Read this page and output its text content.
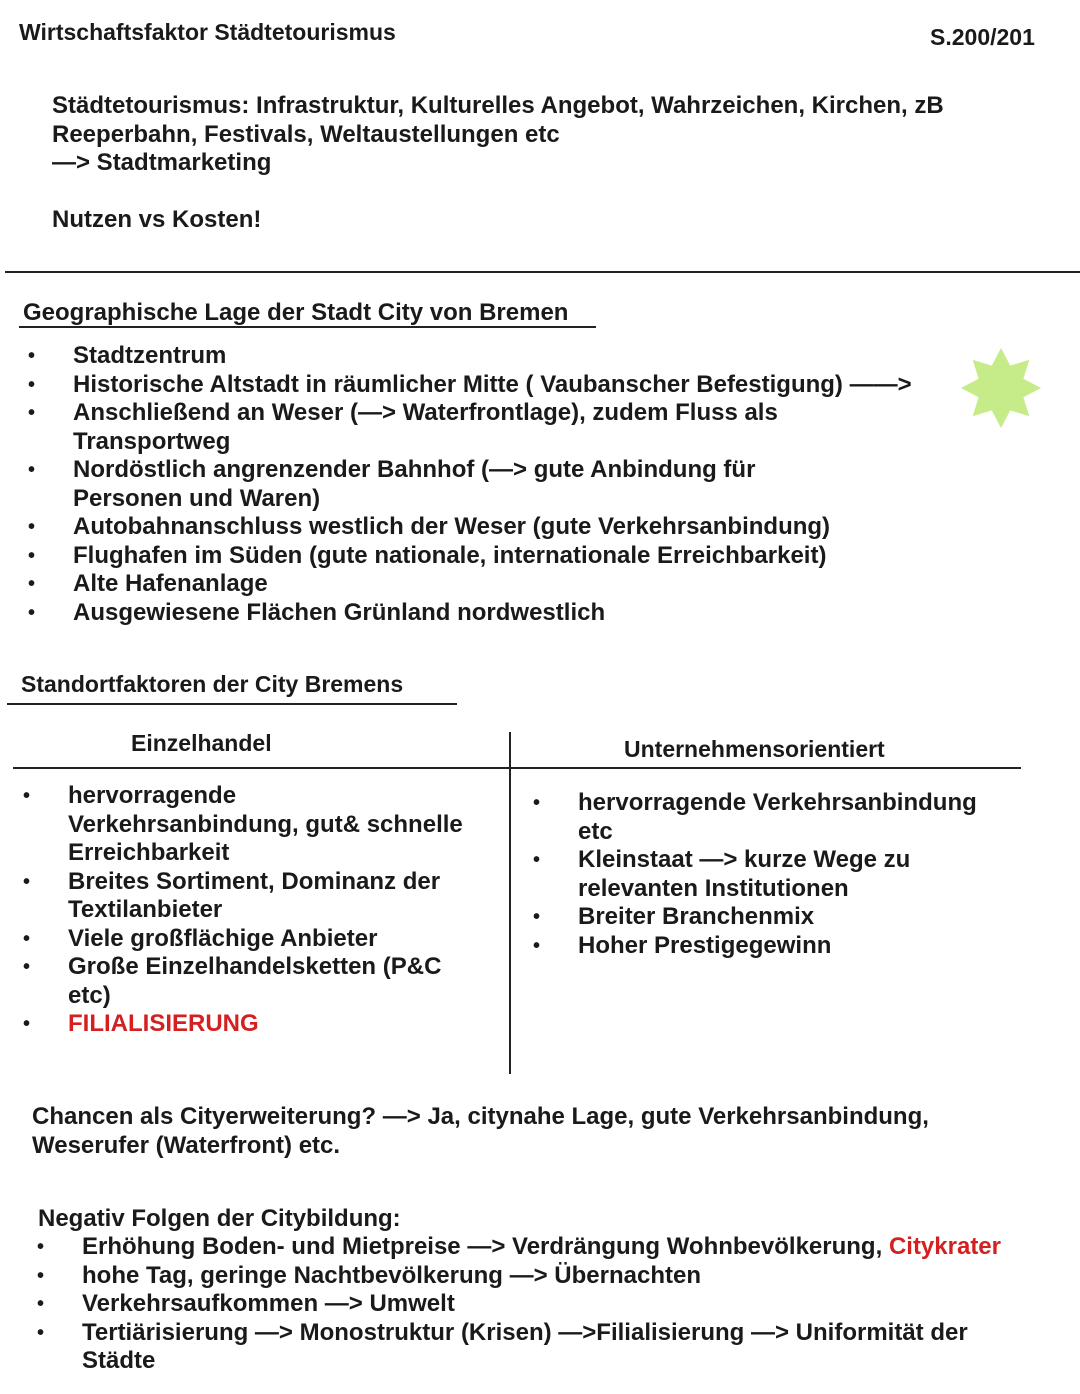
Wirtschaftsfaktor Städtetourismus	S.200/201
Städtetourismus: Infrastruktur, Kulturelles Angebot, Wahrzeichen, Kirchen, zB
Reeperbahn, Festivals, Weltaustellungen etc
—> Stadtmarketing
Nutzen vs Kosten!
Geographische Lage der Stadt City von Bremen
• Stadtzentrum
• Historische Altstadt in räumlicher Mitte ( Vaubanscher Befestigung) ——>
• Anschließend an Weser (—> Waterfrontlage), zudem Fluss als
Transportweg
• Nordöstlich angrenzender Bahnhof (—> gute Anbindung für
Personen und Waren)
• Autobahnanschluss westlich der Weser (gute Verkehrsanbindung)
• Flughafen im Süden (gute nationale, internationale Erreichbarkeit)
• Alte Hafenanlage
• Ausgewiesene Flächen Grünland nordwestlich
Standortfaktoren der City Bremens
Einzelhandel	Unternehmensorientiert
• hervorragende
Verkehrsanbindung, gut& schnelle
Erreichbarkeit
• Breites Sortiment, Dominanz der
Textilanbieter
• Viele großflächige Anbieter
• Große Einzelhandelsketten (P&C
etc)
• FILIALISIERUNG
• hervorragende Verkehrsanbindung
etc
• Kleinstaat —> kurze Wege zu
relevanten Institutionen
• Breiter Branchenmix
• Hoher Prestigegewinn
Chancen als Cityerweiterung? —> Ja, citynahe Lage, gute Verkehrsanbindung,
Weserufer (Waterfront) etc.
Negativ Folgen der Citybildung:
• Erhöhung Boden- und Mietpreise —> Verdrängung Wohnbevölkerung, Citykrater
• hohe Tag, geringe Nachtbevölkerung —> Übernachten
• Verkehrsaufkommen —> Umwelt
• Tertiärisierung —> Monostruktur (Krisen) —>Filialisierung —> Uniformität der
Städte
